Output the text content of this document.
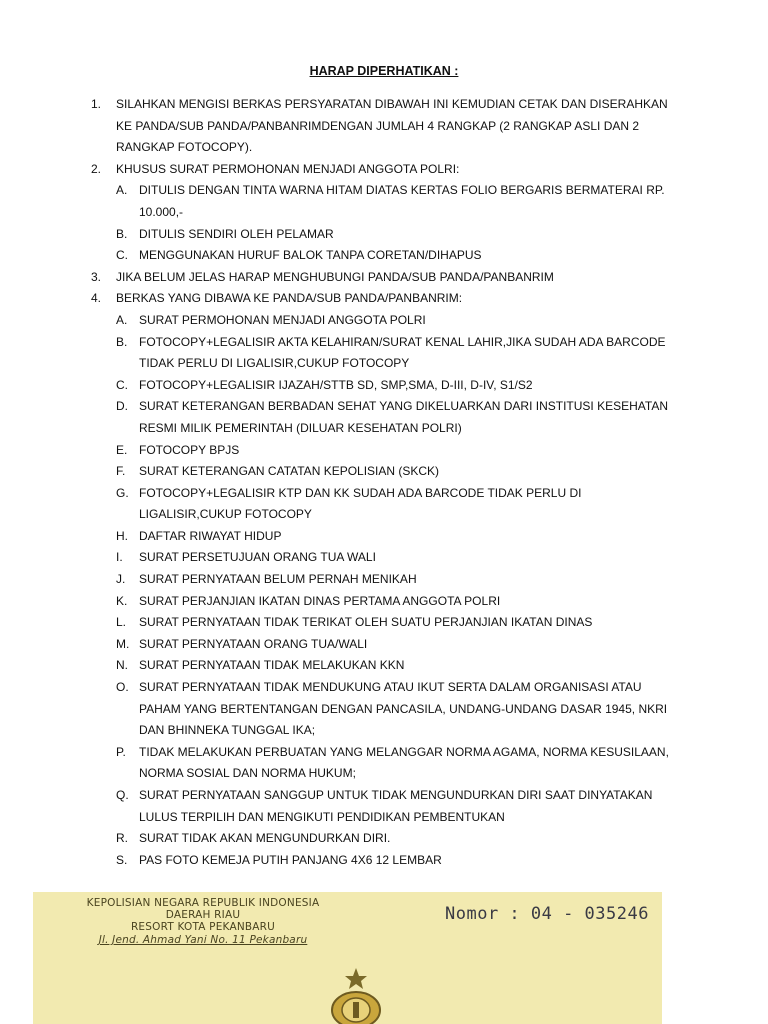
HARAP DIPERHATIKAN :
1. SILAHKAN MENGISI BERKAS PERSYARATAN DIBAWAH INI KEMUDIAN CETAK DAN DISERAHKAN KE PANDA/SUB PANDA/PANBANRIMDENGAN JUMLAH 4 RANGKAP (2 RANGKAP ASLI DAN 2 RANGKAP FOTOCOPY).
2. KHUSUS SURAT PERMOHONAN MENJADI ANGGOTA POLRI:
A. DITULIS DENGAN TINTA WARNA HITAM DIATAS KERTAS FOLIO BERGARIS BERMATERAI RP. 10.000,-
B. DITULIS SENDIRI OLEH PELAMAR
C. MENGGUNAKAN HURUF BALOK TANPA CORETAN/DIHAPUS
3. JIKA BELUM JELAS HARAP MENGHUBUNGI PANDA/SUB PANDA/PANBANRIM
4. BERKAS YANG DIBAWA KE PANDA/SUB PANDA/PANBANRIM:
A. SURAT PERMOHONAN MENJADI ANGGOTA POLRI
B. FOTOCOPY+LEGALISIR AKTA KELAHIRAN/SURAT KENAL LAHIR,JIKA SUDAH ADA BARCODE TIDAK PERLU DI LIGALISIR,CUKUP FOTOCOPY
C. FOTOCOPY+LEGALISIR IJAZAH/STTB SD, SMP,SMA, D-III, D-IV, S1/S2
D. SURAT KETERANGAN BERBADAN SEHAT YANG DIKELUARKAN DARI INSTITUSI KESEHATAN RESMI MILIK PEMERINTAH (DILUAR KESEHATAN POLRI)
E. FOTOCOPY BPJS
F. SURAT KETERANGAN CATATAN KEPOLISIAN (SKCK)
G. FOTOCOPY+LEGALISIR KTP DAN KK SUDAH ADA BARCODE TIDAK PERLU DI LIGALISIR,CUKUP FOTOCOPY
H. DAFTAR RIWAYAT HIDUP
I. SURAT PERSETUJUAN ORANG TUA WALI
J. SURAT PERNYATAAN BELUM PERNAH MENIKAH
K. SURAT PERJANJIAN IKATAN DINAS PERTAMA ANGGOTA POLRI
L. SURAT PERNYATAAN TIDAK TERIKAT OLEH SUATU PERJANJIAN IKATAN DINAS
M. SURAT PERNYATAAN ORANG TUA/WALI
N. SURAT PERNYATAAN TIDAK MELAKUKAN KKN
O. SURAT PERNYATAAN TIDAK MENDUKUNG ATAU IKUT SERTA DALAM ORGANISASI ATAU PAHAM YANG BERTENTANGAN DENGAN PANCASILA, UNDANG-UNDANG DASAR 1945, NKRI DAN BHINNEKA TUNGGAL IKA;
P. TIDAK MELAKUKAN PERBUATAN YANG MELANGGAR NORMA AGAMA, NORMA KESUSILAAN, NORMA SOSIAL DAN NORMA HUKUM;
Q. SURAT PERNYATAAN SANGGUP UNTUK TIDAK MENGUNDURKAN DIRI SAAT DINYATAKAN LULUS TERPILIH DAN MENGIKUTI PENDIDIKAN PEMBENTUKAN
R. SURAT TIDAK AKAN MENGUNDURKAN DIRI.
S. PAS FOTO KEMEJA PUTIH PANJANG 4X6 12 LEMBAR
KEPOLISIAN NEGARA REPUBLIK INDONESIA
DAERAH RIAU
RESORT KOTA PEKANBARU
Jl. Jend. Ahmad Yani No. 11 Pekanbaru
Nomor : 04 - 035246
